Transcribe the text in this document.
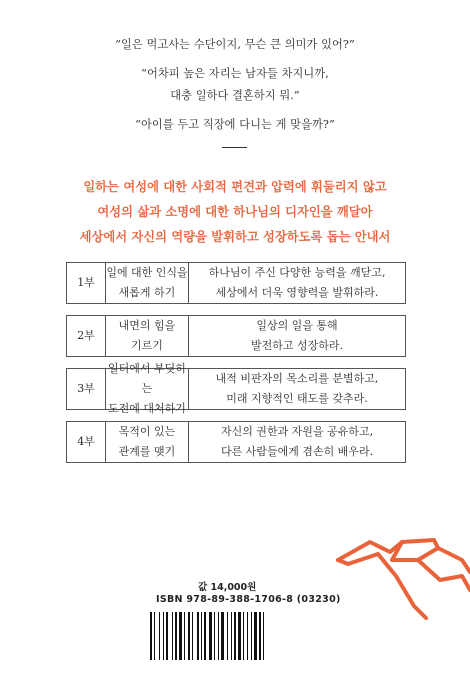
“일은 먹고사는 수단이지, 무슨 큰 의미가 있어?”
“어차피 높은 자리는 남자들 차지니까,
대충 일하다 결혼하지 뭐.”
“아이를 두고 직장에 다니는 게 맞을까?”
일하는 여성에 대한 사회적 편견과 압력에 휘둘리지 않고
여성의 삶과 소명에 대한 하나님의 디자인을 깨달아
세상에서 자신의 역량을 발휘하고 성장하도록 돕는 안내서
1부
일에 대한 인식을
새롭게 하기
하나님이 주신 다양한 능력을 깨닫고,
세상에서 더욱 영향력을 발휘하라.
2부
내면의 힘을
기르기
일상의 일을 통해
발전하고 성장하라.
3부
일터에서 부딪히는
도전에 대처하기
내적 비판자의 목소리를 분별하고,
미래 지향적인 태도를 갖추라.
4부
목적이 있는
관계를 맺기
자신의 권한과 자원을 공유하고,
다른 사람들에게 겸손히 배우라.
값 14,000원
ISBN 978-89-388-1706-8 (03230)
